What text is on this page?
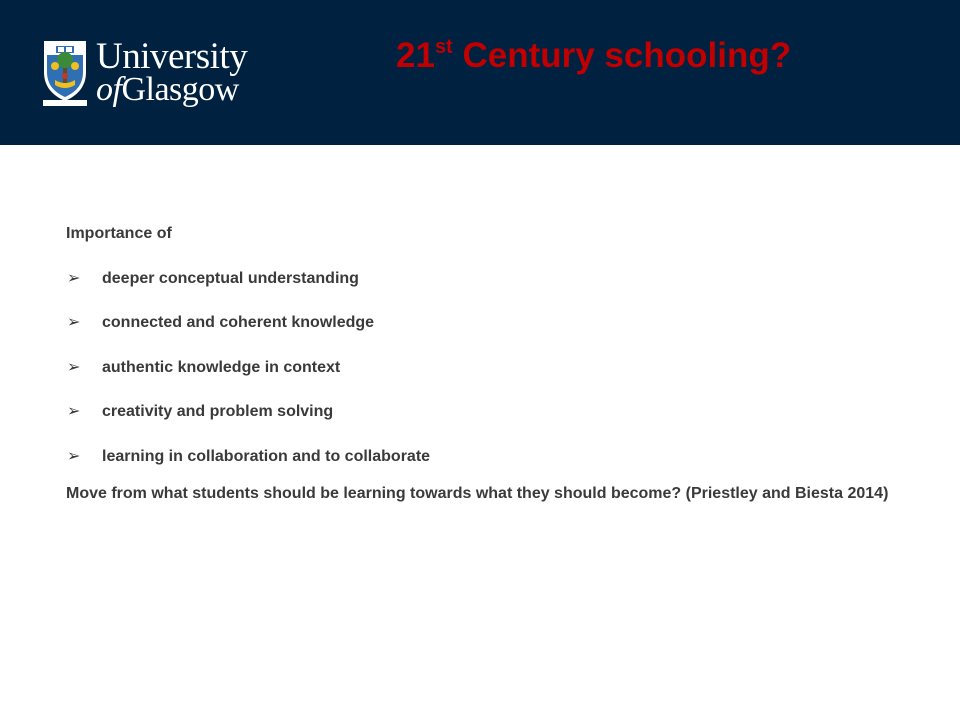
University
ofGlasgow
21st Century schooling?

Importance of

➢ deeper conceptual understanding
➢ connected and coherent knowledge
➢ authentic knowledge in context
➢ creativity and problem solving
➢ learning in collaboration and to collaborate

Move from what students should be learning towards what they should become? (Priestley and Biesta 2014)
